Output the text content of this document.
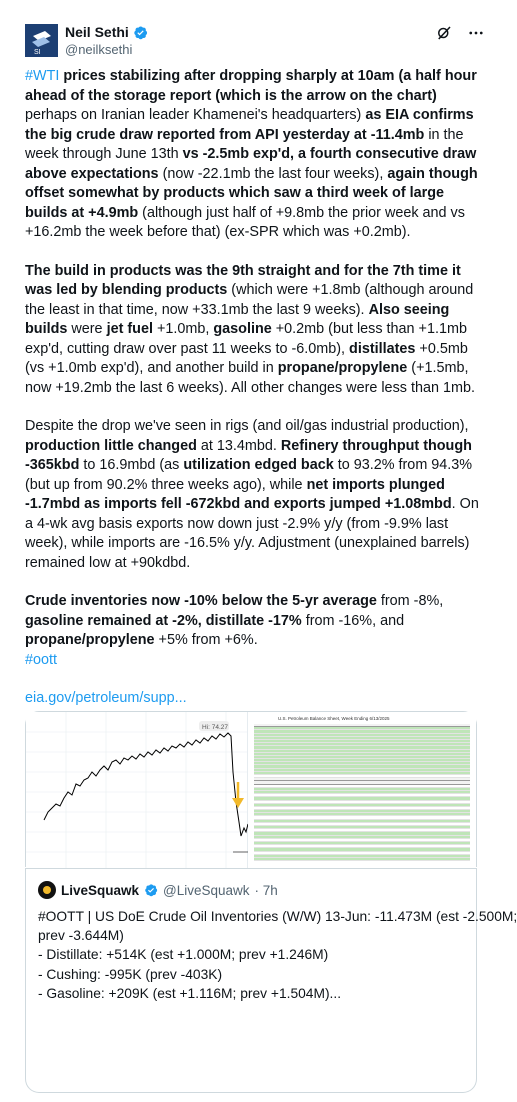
SI
Neil Sethi
@neilksethi

#WTI prices stabilizing after dropping sharply at 10am (a half hour ahead of the storage report (which is the arrow on the chart) perhaps on Iranian leader Khamenei's headquarters) as EIA confirms the big crude draw reported from API yesterday at -11.4mb in the week through June 13th vs -2.5mb exp'd, a fourth consecutive draw above expectations (now -22.1mb the last four weeks), again though offset somewhat by products which saw a third week of large builds at +4.9mb (although just half of +9.8mb the prior week and vs +16.2mb the week before that) (ex-SPR which was +0.2mb).

The build in products was the 9th straight and for the 7th time it was led by blending products (which were +1.8mb (although around the least in that time, now +33.1mb the last 9 weeks). Also seeing builds were jet fuel +1.0mb, gasoline +0.2mb (but less than +1.1mb exp'd, cutting draw over past 11 weeks to -6.0mb), distillates +0.5mb (vs +1.0mb exp'd), and another build in propane/propylene (+1.5mb, now +19.2mb the last 6 weeks). All other changes were less than 1mb.

Despite the drop we've seen in rigs (and oil/gas industrial production), production little changed at 13.4mbd. Refinery throughput though -365kbd to 16.9mbd (as utilization edged back to 93.2% from 94.3% (but up from 90.2% three weeks ago), while net imports plunged -1.7mbd as imports fell -672kbd and exports jumped +1.08mbd. On a 4-wk avg basis exports now down just -2.9% y/y (from -9.9% last week), while imports are -16.5% y/y. Adjustment (unexplained barrels) remained low at +90kdbd.

Crude inventories now -10% below the 5-yr average from -8%, gasoline remained at -2%, distillate -17% from -16%, and propane/propylene +5% from +6%.
#oott

eia.gov/petroleum/supp...

Hi: 74.27
U.S. Petroleum Balance Sheet, Week Ending 6/13/2025
LiveSquawk @LiveSquawk · 7h
#OOTT | US DoE Crude Oil Inventories (W/W) 13-Jun: -11.473M (est -2.500M;
prev -3.644M)
- Distillate: +514K (est +1.000M; prev +1.246M)
- Cushing: -995K (prev -403K)
- Gasoline: +209K (est +1.116M; prev +1.504M)...
